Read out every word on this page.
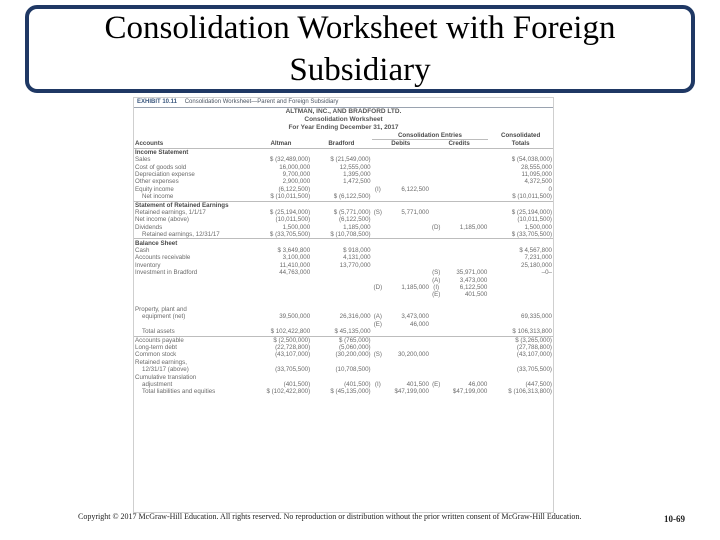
Consolidation Worksheet with Foreign Subsidiary
EXHIBIT 10.11 Consolidation Worksheet—Parent and Foreign Subsidiary
ALTMAN, INC., AND BRADFORD LTD.
Consolidation Worksheet
For Year Ending December 31, 2017
			Consolidation Entries				Consolidated
Accounts	Altman	Bradford	Debits		Credits		Totals
Income Statement							
Sales	$ (32,489,000)	$ (21,549,000)					$ (54,038,000)
Cost of goods sold	16,000,000	12,555,000					28,555,000
Depreciation expense	9,700,000	1,395,000					11,095,000
Other expenses	2,900,000	1,472,500					4,372,500
Equity income	(6,122,500)		(I)	6,122,500			0
Net income	$ (10,011,500)	$ (6,122,500)					$ (10,011,500)
Statement of Retained Earnings							
Retained earnings, 1/1/17	$ (25,194,000)	$ (5,771,000)	(S)	5,771,000			$ (25,194,000)
Net income (above)	(10,011,500)	(6,122,500)					(10,011,500)
Dividends	1,500,000	1,185,000			(D)	1,185,000	1,500,000
Retained earnings, 12/31/17	$ (33,705,500)	$ (10,708,500)					$ (33,705,500)
Balance Sheet							
Cash	$ 3,649,800	$ 918,000					$ 4,567,800
Accounts receivable	3,100,000	4,131,000					7,231,000
Inventory	11,410,000	13,770,000					25,180,000
Investment in Bradford	44,763,000				(S)	35,971,000	–0–
					(A)	3,473,000	
			(D)	1,185,000	(I)	6,122,500	
					(E)	401,500	

Property, plant and							
equipment (net)	39,500,000	26,316,000	(A)	3,473,000			69,335,000
			(E)	46,000			
Total assets	$ 102,422,800	$ 45,135,000					$ 106,313,800
Accounts payable	$ (2,500,000)	$ (765,000)					$ (3,265,000)
Long-term debt	(22,728,800)	(5,060,000)					(27,788,800)
Common stock	(43,107,000)	(30,200,000)	(S)	30,200,000			(43,107,000)
Retained earnings,							
12/31/17 (above)	(33,705,500)	(10,708,500)					(33,705,500)
Cumulative translation							
adjustment	(401,500)	(401,500)	(I)	401,500	(E)	46,000	(447,500)
Total liabilities and equities	$ (102,422,800)	$ (45,135,000)		$47,199,000		$47,199,000	$ (106,313,800)
Copyright © 2017 McGraw-Hill Education. All rights reserved. No reproduction or distribution without the prior written consent of McGraw-Hill Education.	10-69
